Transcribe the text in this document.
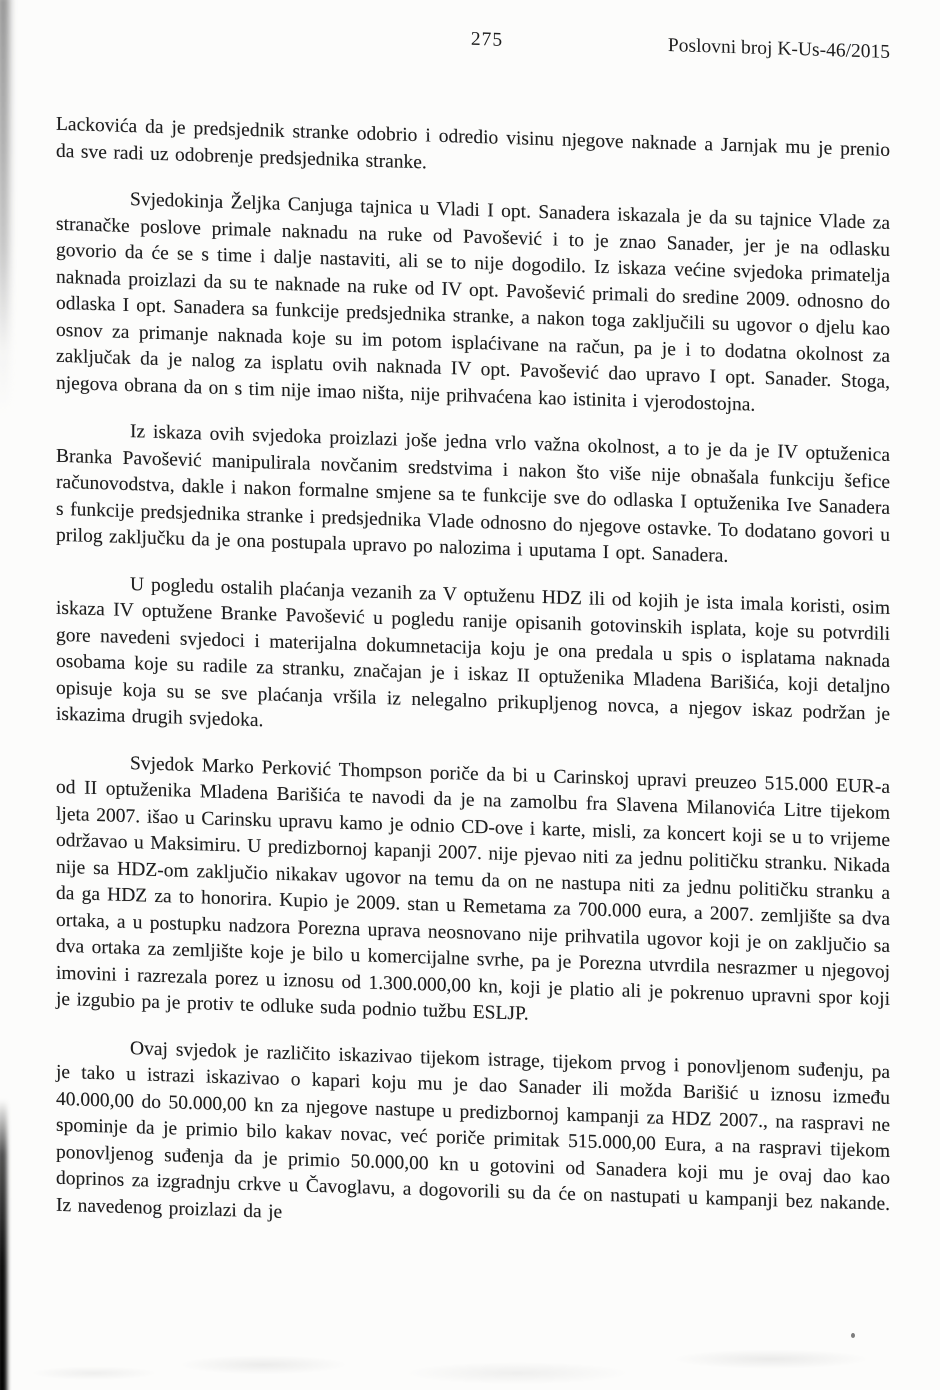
275	Poslovni broj K-Us-46/2015

Lackovića da je predsjednik stranke odobrio i odredio visinu njegove naknade a Jarnjak mu je prenio da sve radi uz odobrenje predsjednika stranke.

Svjedokinja Željka Canjuga tajnica u Vladi I opt. Sanadera iskazala je da su tajnice Vlade za stranačke poslove primale naknadu na ruke od Pavošević i to je znao Sanader, jer je na odlasku govorio da će se s time i dalje nastaviti, ali se to nije dogodilo. Iz iskaza većine svjedoka primatelja naknada proizlazi da su te naknade na ruke od IV opt. Pavošević primali do sredine 2009. odnosno do odlaska I opt. Sanadera sa funkcije predsjednika stranke, a nakon toga zaključili su ugovor o djelu kao osnov za primanje naknada koje su im potom isplaćivane na račun, pa je i to dodatna okolnost za zaključak da je nalog za isplatu ovih naknada IV opt. Pavošević dao upravo I opt. Sanader. Stoga, njegova obrana da on s tim nije imao ništa, nije prihvaćena kao istinita i vjerodostojna.

Iz iskaza ovih svjedoka proizlazi joše jedna vrlo važna okolnost, a to je da je IV optuženica Branka Pavošević manipulirala novčanim sredstvima i nakon što više nije obnašala funkciju šefice računovodstva, dakle i nakon formalne smjene sa te funkcije sve do odlaska I optuženika Ive Sanadera s funkcije predsjednika stranke i predsjednika Vlade odnosno do njegove ostavke. To dodatano govori u prilog zaključku da je ona postupala upravo po nalozima i uputama I opt. Sanadera.

U pogledu ostalih plaćanja vezanih za V optuženu HDZ ili od kojih je ista imala koristi, osim iskaza IV optužene Branke Pavošević u pogledu ranije opisanih gotovinskih isplata, koje su potvrdili gore navedeni svjedoci i materijalna dokumnetacija koju je ona predala u spis o isplatama naknada osobama koje su radile za stranku, značajan je i iskaz II optuženika Mladena Barišića, koji detaljno opisuje koja su se sve plaćanja vršila iz nelegalno prikupljenog novca, a njegov iskaz podržan je iskazima drugih svjedoka.

Svjedok Marko Perković Thompson poriče da bi u Carinskoj upravi preuzeo 515.000 EUR-a od II optuženika Mladena Barišića te navodi da je na zamolbu fra Slavena Milanovića Litre tijekom ljeta 2007. išao u Carinsku upravu kamo je odnio CD-ove i karte, misli, za koncert koji se u to vrijeme održavao u Maksimiru. U predizbornoj kapanji 2007. nije pjevao niti za jednu političku stranku. Nikada nije sa HDZ-om zaključio nikakav ugovor na temu da on ne nastupa niti za jednu političku stranku a da ga HDZ za to honorira. Kupio je 2009. stan u Remetama za 700.000 eura, a 2007. zemljište sa dva ortaka, a u postupku nadzora Porezna uprava neosnovano nije prihvatila ugovor koji je on zaključio sa dva ortaka za zemljište koje je bilo u komercijalne svrhe, pa je Porezna utvrdila nesrazmer u njegovoj imovini i razrezala porez u iznosu od 1.300.000,00 kn, koji je platio ali je pokrenuo upravni spor koji je izgubio pa je protiv te odluke suda podnio tužbu ESLJP.

Ovaj svjedok je različito iskazivao tijekom istrage, tijekom prvog i ponovljenom suđenju, pa je tako u istrazi iskazivao o kapari koju mu je dao Sanader ili možda Barišić u iznosu između 40.000,00 do 50.000,00 kn za njegove nastupe u predizbornoj kampanji za HDZ 2007., na raspravi ne spominje da je primio bilo kakav novac, već poriče primitak 515.000,00 Eura, a na raspravi tijekom ponovljenog suđenja da je primio 50.000,00 kn u gotovini od Sanadera koji mu je ovaj dao kao doprinos za izgradnju crkve u Čavoglavu, a dogovorili su da će on nastupati u kampanji bez nakande. Iz navedenog proizlazi da je
